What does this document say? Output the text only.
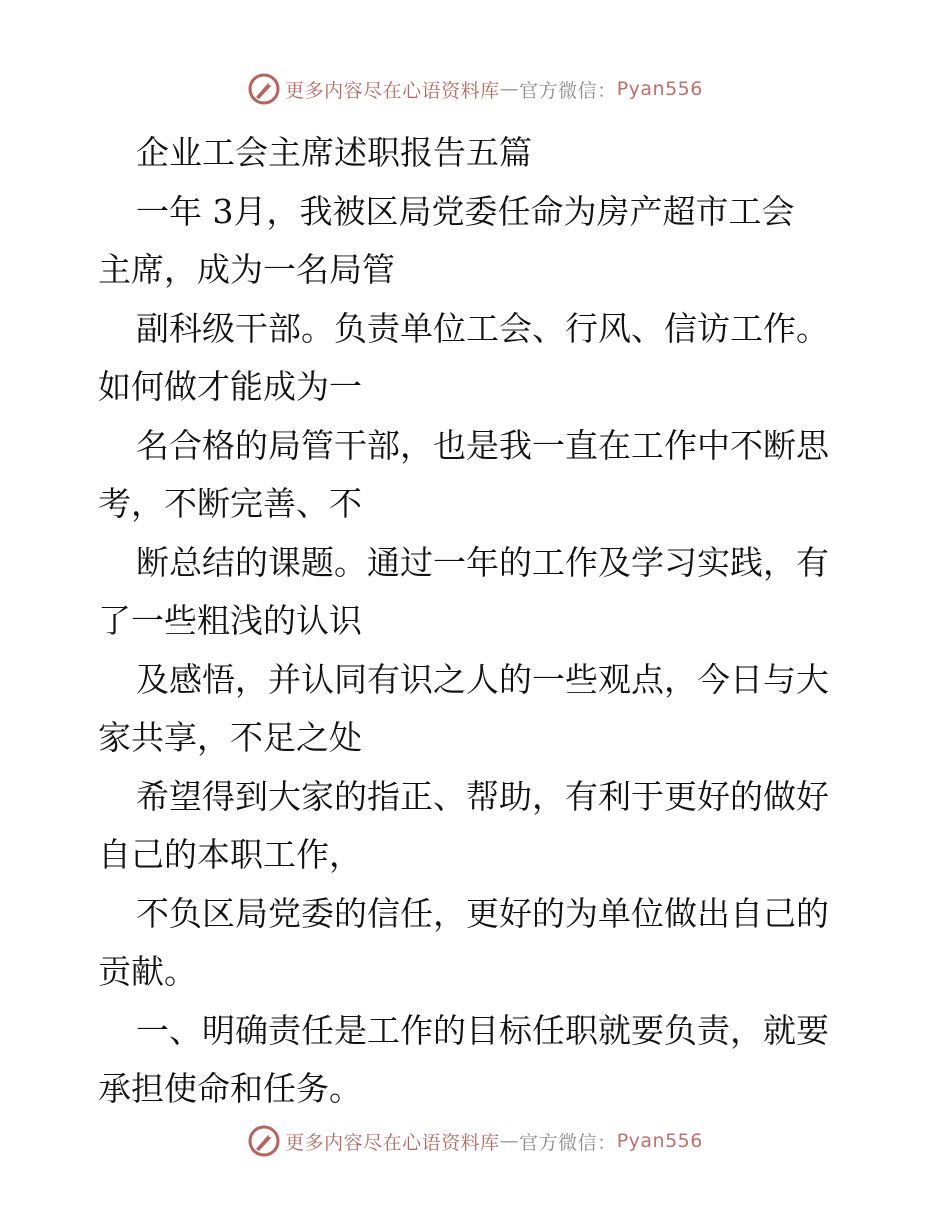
更多内容尽在心语资料库 — 官方微信： Pyan556

企业工会主席述职报告五篇

一年 3月，我被区局党委任命为房产超市工会

主席，成为一名局管

副科级干部。负责单位工会、行风、信访工作。

如何做才能成为一

名合格的局管干部，也是我一直在工作中不断思

考，不断完善、不

断总结的课题。通过一年的工作及学习实践，有

了一些粗浅的认识

及感悟，并认同有识之人的一些观点，今日与大

家共享，不足之处

希望得到大家的指正、帮助，有利于更好的做好

自己的本职工作，

不负区局党委的信任，更好的为单位做出自己的

贡献。

一、明确责任是工作的目标任职就要负责，就要

承担使命和任务。

更多内容尽在心语资料库 — 官方微信： Pyan556
